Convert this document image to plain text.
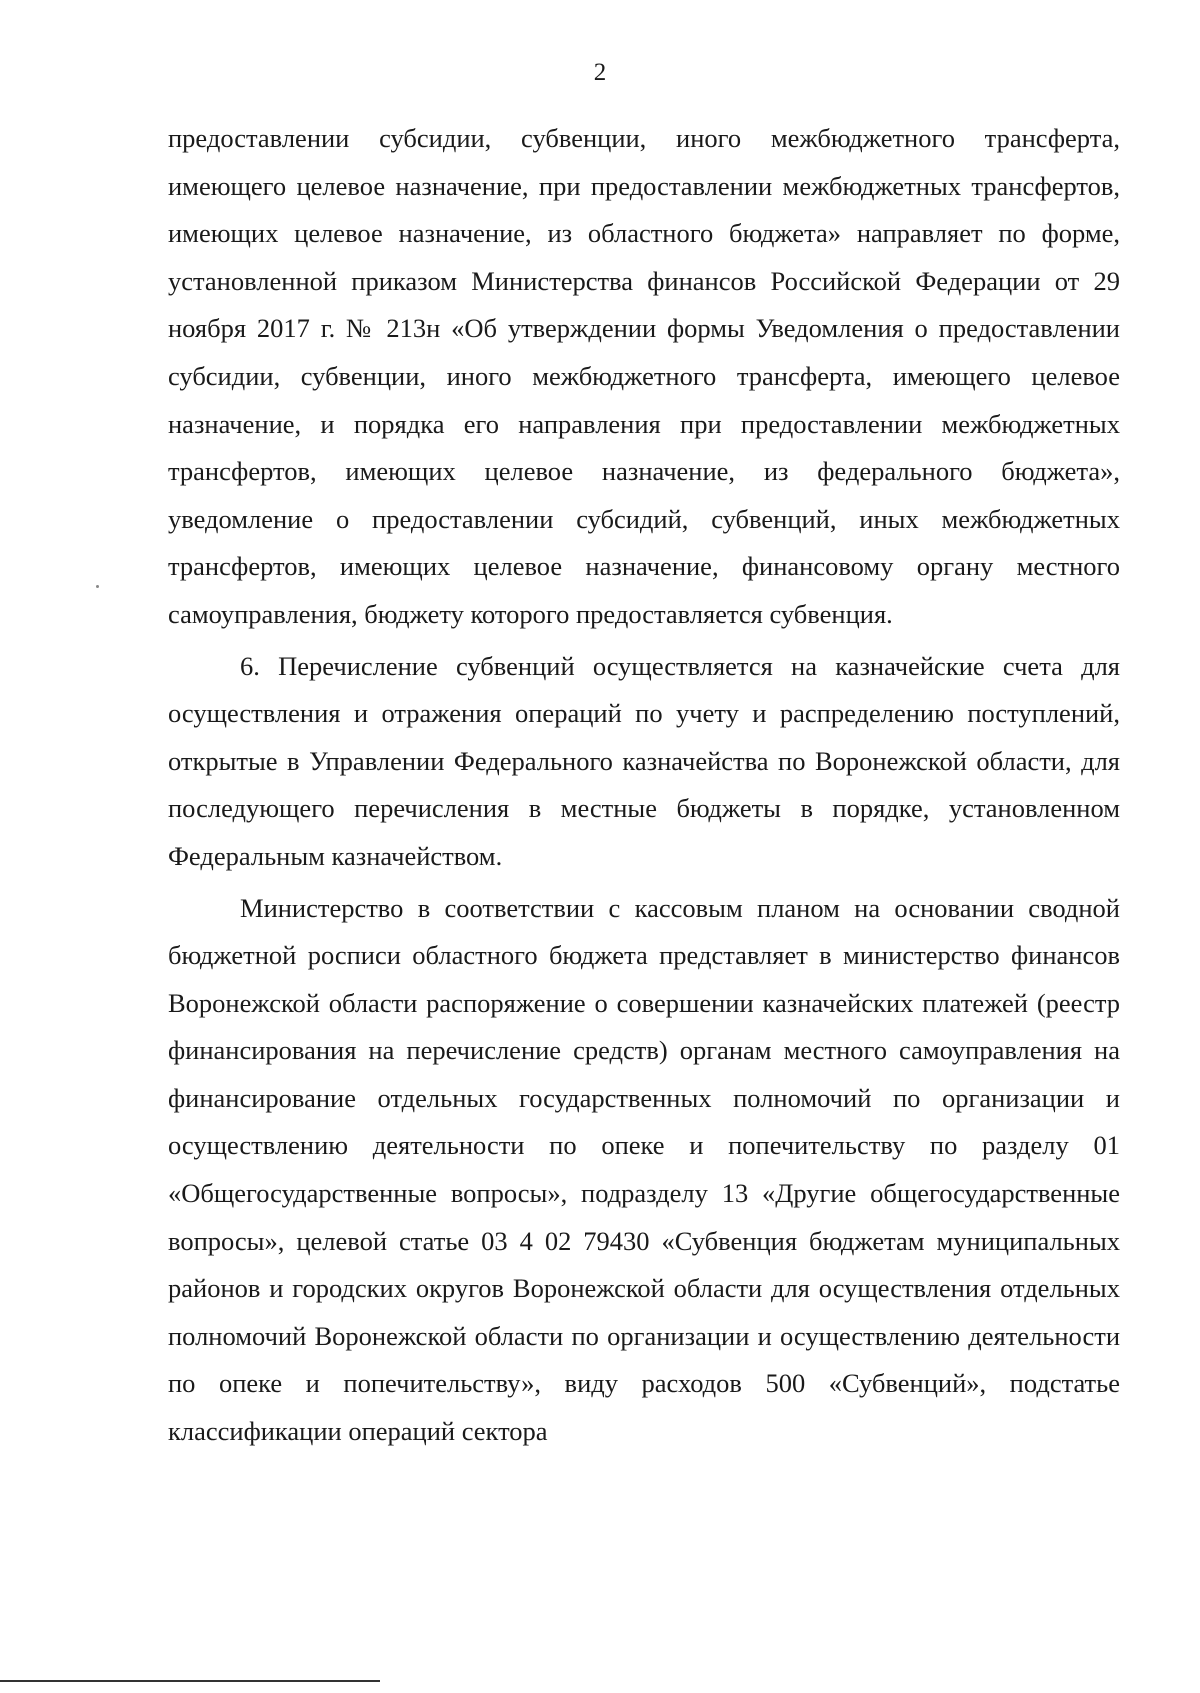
2

предоставлении субсидии, субвенции, иного межбюджетного трансферта, имеющего целевое назначение, при предоставлении межбюджетных трансфертов, имеющих целевое назначение, из областного бюджета» направляет по форме, установленной приказом Министерства финансов Российской Федерации от 29 ноября 2017 г. № 213н «Об утверждении формы Уведомления о предоставлении субсидии, субвенции, иного межбюджетного трансферта, имеющего целевое назначение, и порядка его направления при предоставлении межбюджетных трансфертов, имеющих целевое назначение, из федерального бюджета», уведомление о предоставлении субсидий, субвенций, иных межбюджетных трансфертов, имеющих целевое назначение, финансовому органу местного самоуправления, бюджету которого предоставляется субвенция.

6. Перечисление субвенций осуществляется на казначейские счета для осуществления и отражения операций по учету и распределению поступлений, открытые в Управлении Федерального казначейства по Воронежской области, для последующего перечисления в местные бюджеты в порядке, установленном Федеральным казначейством.

Министерство в соответствии с кассовым планом на основании сводной бюджетной росписи областного бюджета представляет в министерство финансов Воронежской области распоряжение о совершении казначейских платежей (реестр финансирования на перечисление средств) органам местного самоуправления на финансирование отдельных государственных полномочий по организации и осуществлению деятельности по опеке и попечительству по разделу 01 «Общегосударственные вопросы», подразделу 13 «Другие общегосударственные вопросы», целевой статье 03 4 02 79430 «Субвенция бюджетам муниципальных районов и городских округов Воронежской области для осуществления отдельных полномочий Воронежской области по организации и осуществлению деятельности по опеке и попечительству», виду расходов 500 «Субвенций», подстатье классификации операций сектора
